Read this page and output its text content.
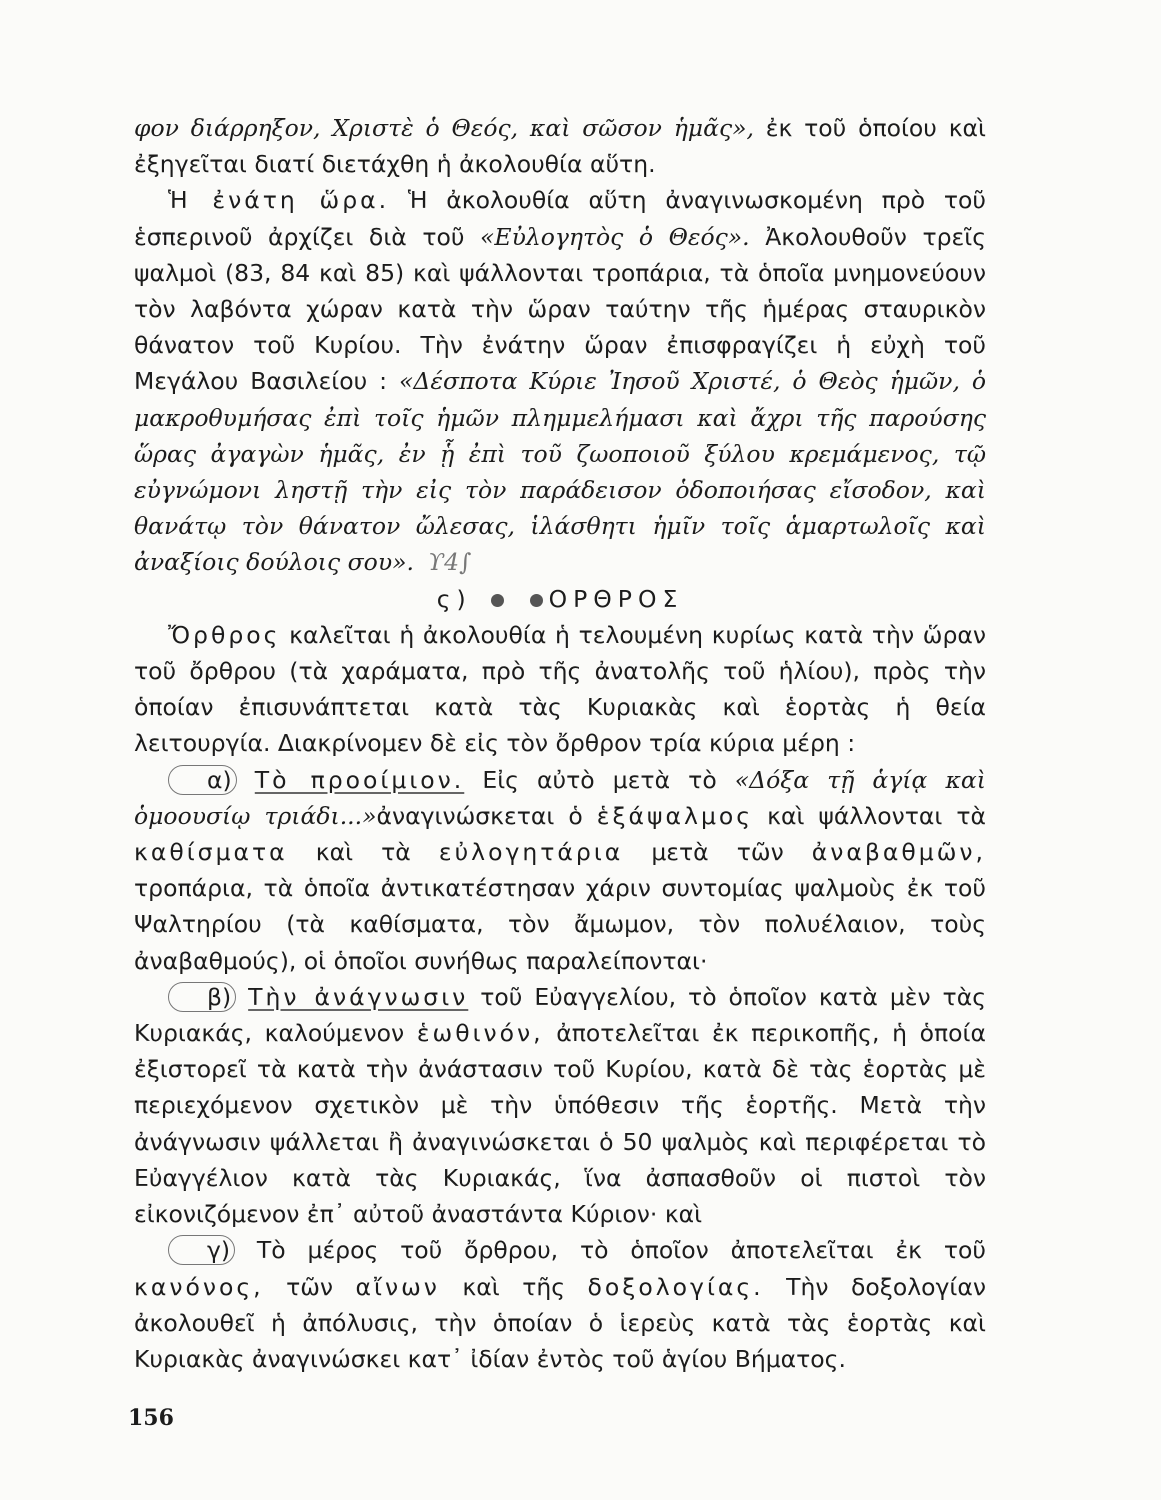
φον διάρρηξον, Χριστὲ ὁ Θεός, καὶ σῶσον ἡμᾶς», ἐκ τοῦ ὁποίου καὶ ἐξηγεῖται διατί διετάχθη ἡ ἀκολουθία αὕτη.

Ἡ ἐνάτη ὥρα. Ἡ ἀκολουθία αὕτη ἀναγινωσκομένη πρὸ τοῦ ἑσπερινοῦ ἀρχίζει διὰ τοῦ «Εὐλογητὸς ὁ Θεός». Ἀκολουθοῦν τρεῖς ψαλμοὶ (83, 84 καὶ 85) καὶ ψάλλονται τροπάρια, τὰ ὁποῖα μνημονεύουν τὸν λαβόντα χώραν κατὰ τὴν ὥραν ταύτην τῆς ἡμέρας σταυρικὸν θάνατον τοῦ Κυρίου. Τὴν ἐνάτην ὥραν ἐπισφραγίζει ἡ εὐχὴ τοῦ Μεγάλου Βασιλείου : «Δέσποτα Κύριε Ἰησοῦ Χριστέ, ὁ Θεὸς ἡμῶν, ὁ μακροθυμήσας ἐπὶ τοῖς ἡμῶν πλημμελήμασι καὶ ἄχρι τῆς παρούσης ὥρας ἀγαγὼν ἡμᾶς, ἐν ᾗ ἐπὶ τοῦ ζωοποιοῦ ξύλου κρεμάμενος, τῷ εὐγνώμονι ληστῇ τὴν εἰς τὸν παράδεισον ὁδοποιήσας εἴσοδον, καὶ θανάτῳ τὸν θάνατον ὤλεσας, ἱλάσθητι ἡμῖν τοῖς ἁμαρτωλοῖς καὶ ἀναξίοις δούλοις σου». ϒ4∫

ς)	ΟΡΘΡΟΣ

Ὄρθρος καλεῖται ἡ ἀκολουθία ἡ τελουμένη κυρίως κατὰ τὴν ὥραν τοῦ ὄρθρου (τὰ χαράματα, πρὸ τῆς ἀνατολῆς τοῦ ἡλίου), πρὸς τὴν ὁποίαν ἐπισυνάπτεται κατὰ τὰς Κυριακὰς καὶ ἑορτὰς ἡ θεία λειτουργία. Διακρίνομεν δὲ εἰς τὸν ὄρθρον τρία κύρια μέρη :

α) Τὸ προοίμιον. Εἰς αὐτὸ μετὰ τὸ «Δόξα τῇ ἁγίᾳ καὶ ὁμοουσίῳ τριάδι...»ἀναγινώσκεται ὁ ἑξάψαλμος καὶ ψάλλονται τὰ καθίσματα καὶ τὰ εὐλογητάρια μετὰ τῶν ἀναβαθμῶν, τροπάρια, τὰ ὁποῖα ἀντικατέστησαν χάριν συντομίας ψαλμοὺς ἐκ τοῦ Ψαλτηρίου (τὰ καθίσματα, τὸν ἄμωμον, τὸν πολυέλαιον, τοὺς ἀναβαθμούς), οἱ ὁποῖοι συνήθως παραλείπονται·

β) Τὴν ἀνάγνωσιν τοῦ Εὐαγγελίου, τὸ ὁποῖον κατὰ μὲν τὰς Κυριακάς, καλούμενον ἑωθινόν, ἀποτελεῖται ἐκ περικοπῆς, ἡ ὁποία ἐξιστορεῖ τὰ κατὰ τὴν ἀνάστασιν τοῦ Κυρίου, κατὰ δὲ τὰς ἑορτὰς μὲ περιεχόμενον σχετικὸν μὲ τὴν ὑπόθεσιν τῆς ἑορτῆς. Μετὰ τὴν ἀνάγνωσιν ψάλλεται ἢ ἀναγινώσκεται ὁ 50 ψαλμὸς καὶ περιφέρεται τὸ Εὐαγγέλιον κατὰ τὰς Κυριακάς, ἵνα ἀσπασθοῦν οἱ πιστοὶ τὸν εἰκονιζόμενον ἐπ᾽ αὐτοῦ ἀναστάντα Κύριον· καὶ

γ) Τὸ μέρος τοῦ ὄρθρου, τὸ ὁποῖον ἀποτελεῖται ἐκ τοῦ κανόνος, τῶν αἴνων καὶ τῆς δοξολογίας. Τὴν δοξολογίαν ἀκολουθεῖ ἡ ἀπόλυσις, τὴν ὁποίαν ὁ ἱερεὺς κατὰ τὰς ἑορτὰς καὶ Κυριακὰς ἀναγινώσκει κατ᾽ ἰδίαν ἐντὸς τοῦ ἁγίου Βήματος.

156
